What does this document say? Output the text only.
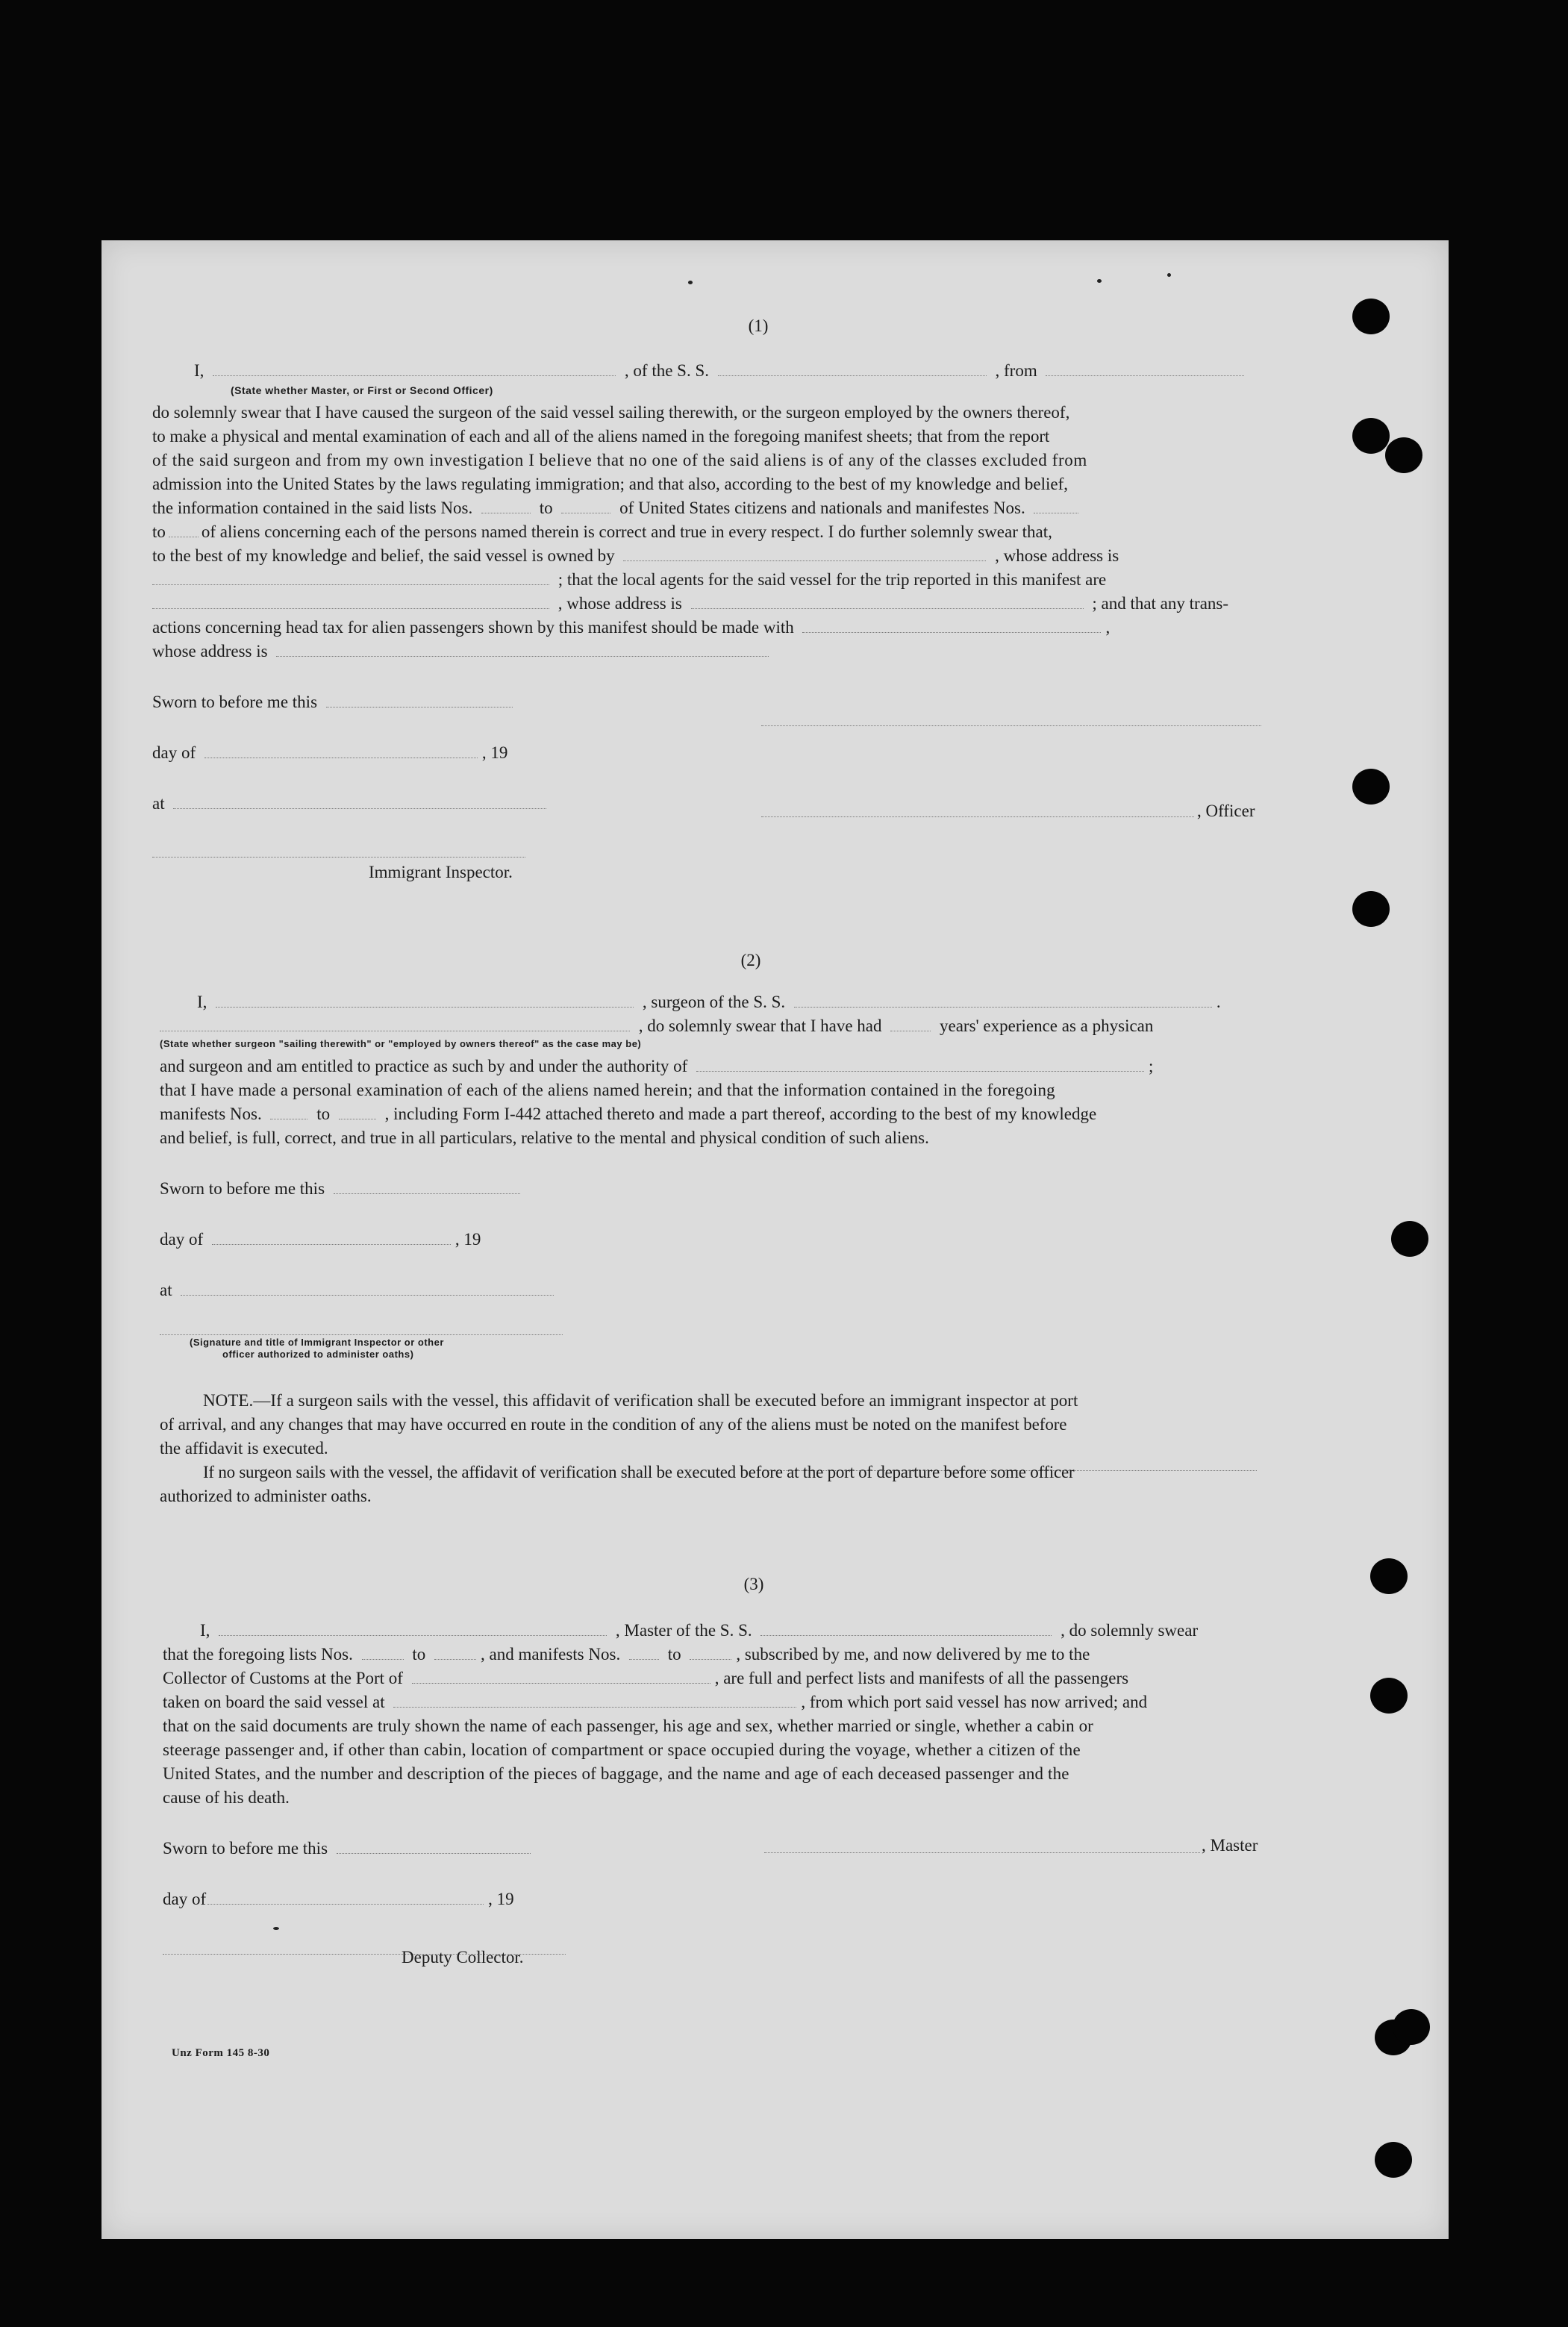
(1)
I,	, of the S. S.	, from
(State whether Master, or First or Second Officer)
do solemnly swear that I have caused the surgeon of the said vessel sailing therewith, or the surgeon employed by the owners thereof,
to make a physical and mental examination of each and all of the aliens named in the foregoing manifest sheets; that from the report
of the said surgeon and from my own investigation I believe that no one of the said aliens is of any of the classes excluded from
admission into the United States by the laws regulating immigration; and that also, according to the best of my knowledge and belief,
the information contained in the said lists Nos.	to	of United States citizens and nationals and manifestes Nos.
to of aliens concerning each of the persons named therein is correct and true in every respect. I do further solemnly swear that,
to the best of my knowledge and belief, the said vessel is owned by	, whose address is
; that the local agents for the said vessel for the trip reported in this manifest are
, whose address is	; and that any trans-
actions concerning head tax for alien passengers shown by this manifest should be made with	,
whose address is
Sworn to before me this
day of	, 19
at	, Officer
Immigrant Inspector.
(2)
I,	, surgeon of the S. S.	.
, do solemnly swear that I have had	years' experience as a physican
(State whether surgeon "sailing therewith" or "employed by owners thereof" as the case may be)
and surgeon and am entitled to practice as such by and under the authority of	;
that I have made a personal examination of each of the aliens named herein; and that the information contained in the foregoing
manifests Nos.	to	, including Form I-442 attached thereto and made a part thereof, according to the best of my knowledge
and belief, is full, correct, and true in all particulars, relative to the mental and physical condition of such aliens.
Sworn to before me this
day of	, 19
at
(Signature and title of Immigrant Inspector or other
officer authorized to administer oaths)
NOTE.—If a surgeon sails with the vessel, this affidavit of verification shall be executed before an immigrant inspector at port
of arrival, and any changes that may have occurred en route in the condition of any of the aliens must be noted on the manifest before
the affidavit is executed.
If no surgeon sails with the vessel, the affidavit of verification shall be executed before at the port of departure before some officer
authorized to administer oaths.
(3)
I,	, Master of the S. S.	, do solemnly swear
that the foregoing lists Nos.	to	, and manifests Nos.	to	, subscribed by me, and now delivered by me to the
Collector of Customs at the Port of	, are full and perfect lists and manifests of all the passengers
taken on board the said vessel at	, from which port said vessel has now arrived; and
that on the said documents are truly shown the name of each passenger, his age and sex, whether married or single, whether a cabin or
steerage passenger and, if other than cabin, location of compartment or space occupied during the voyage, whether a citizen of the
United States, and the number and description of the pieces of baggage, and the name and age of each deceased passenger and the
cause of his death.
Sworn to before me this	, Master
day of	, 19
Deputy Collector.
Unz Form 145 8-30
